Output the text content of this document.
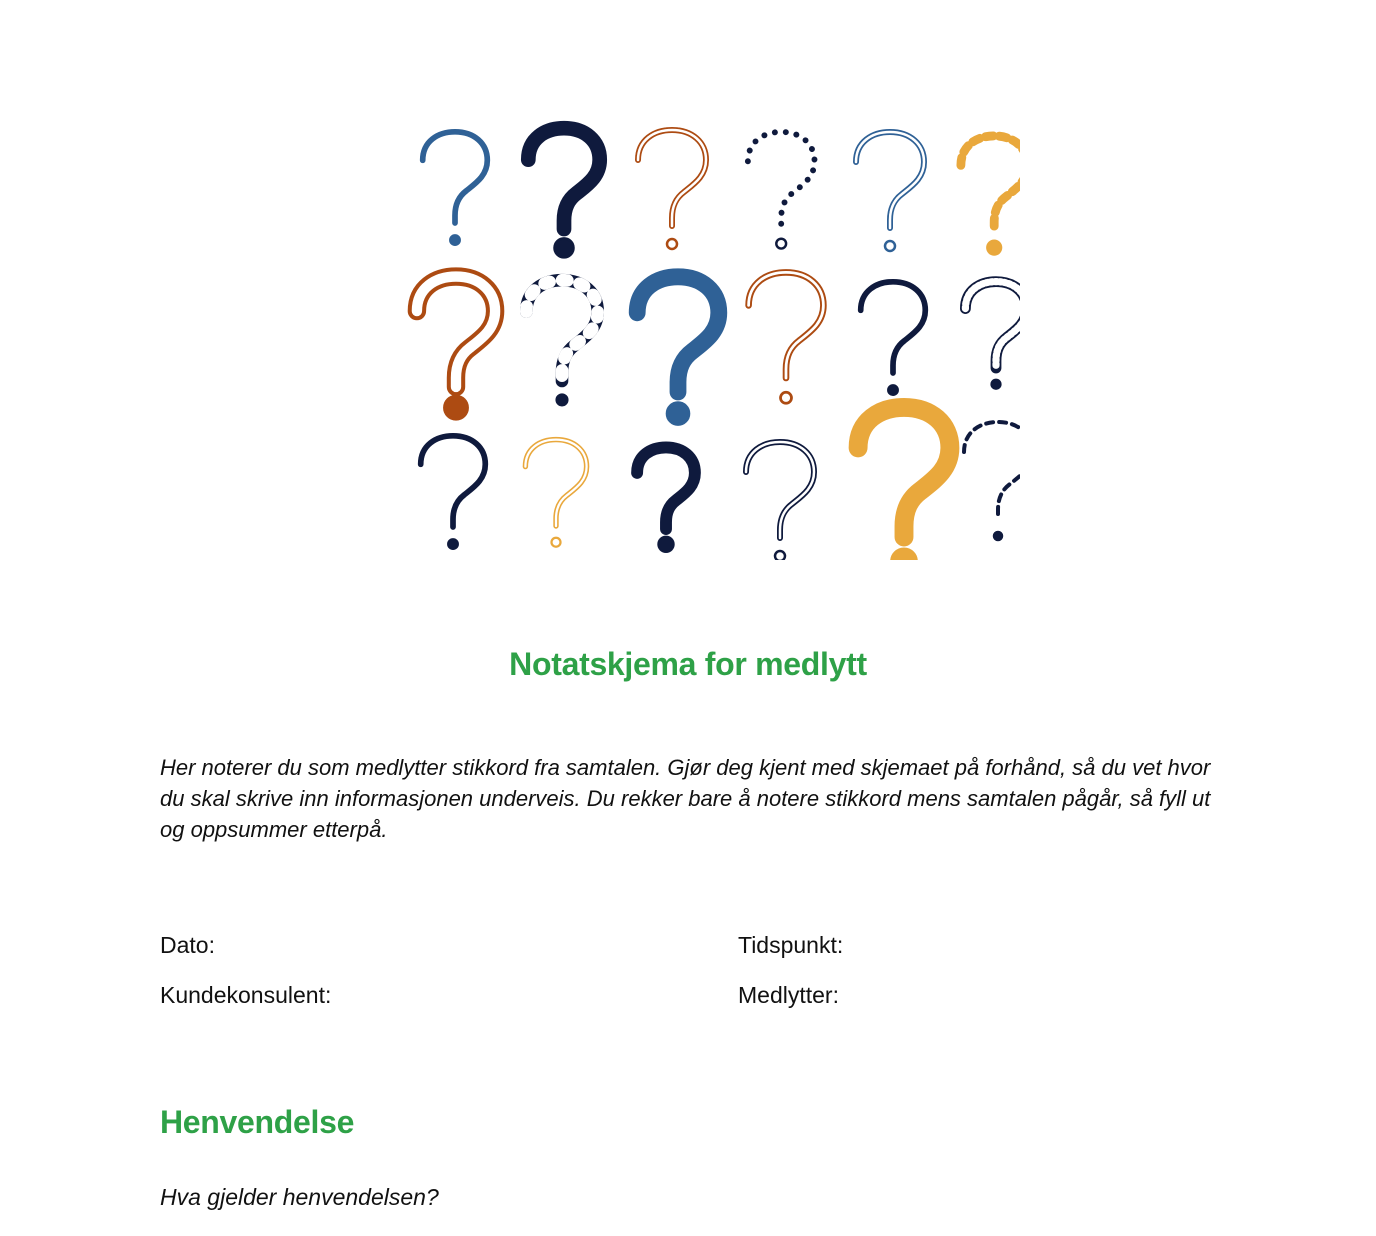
Notatskjema for medlytt

Her noterer du som medlytter stikkord fra samtalen. Gjør deg kjent med skjemaet på forhånd, så du vet hvor du skal skrive inn informasjonen underveis. Du rekker bare å notere stikkord mens samtalen pågår, så fyll ut og oppsummer etterpå.

Dato:	Tidspunkt:

Kundekonsulent:	Medlytter:

Henvendelse

Hva gjelder henvendelsen?
